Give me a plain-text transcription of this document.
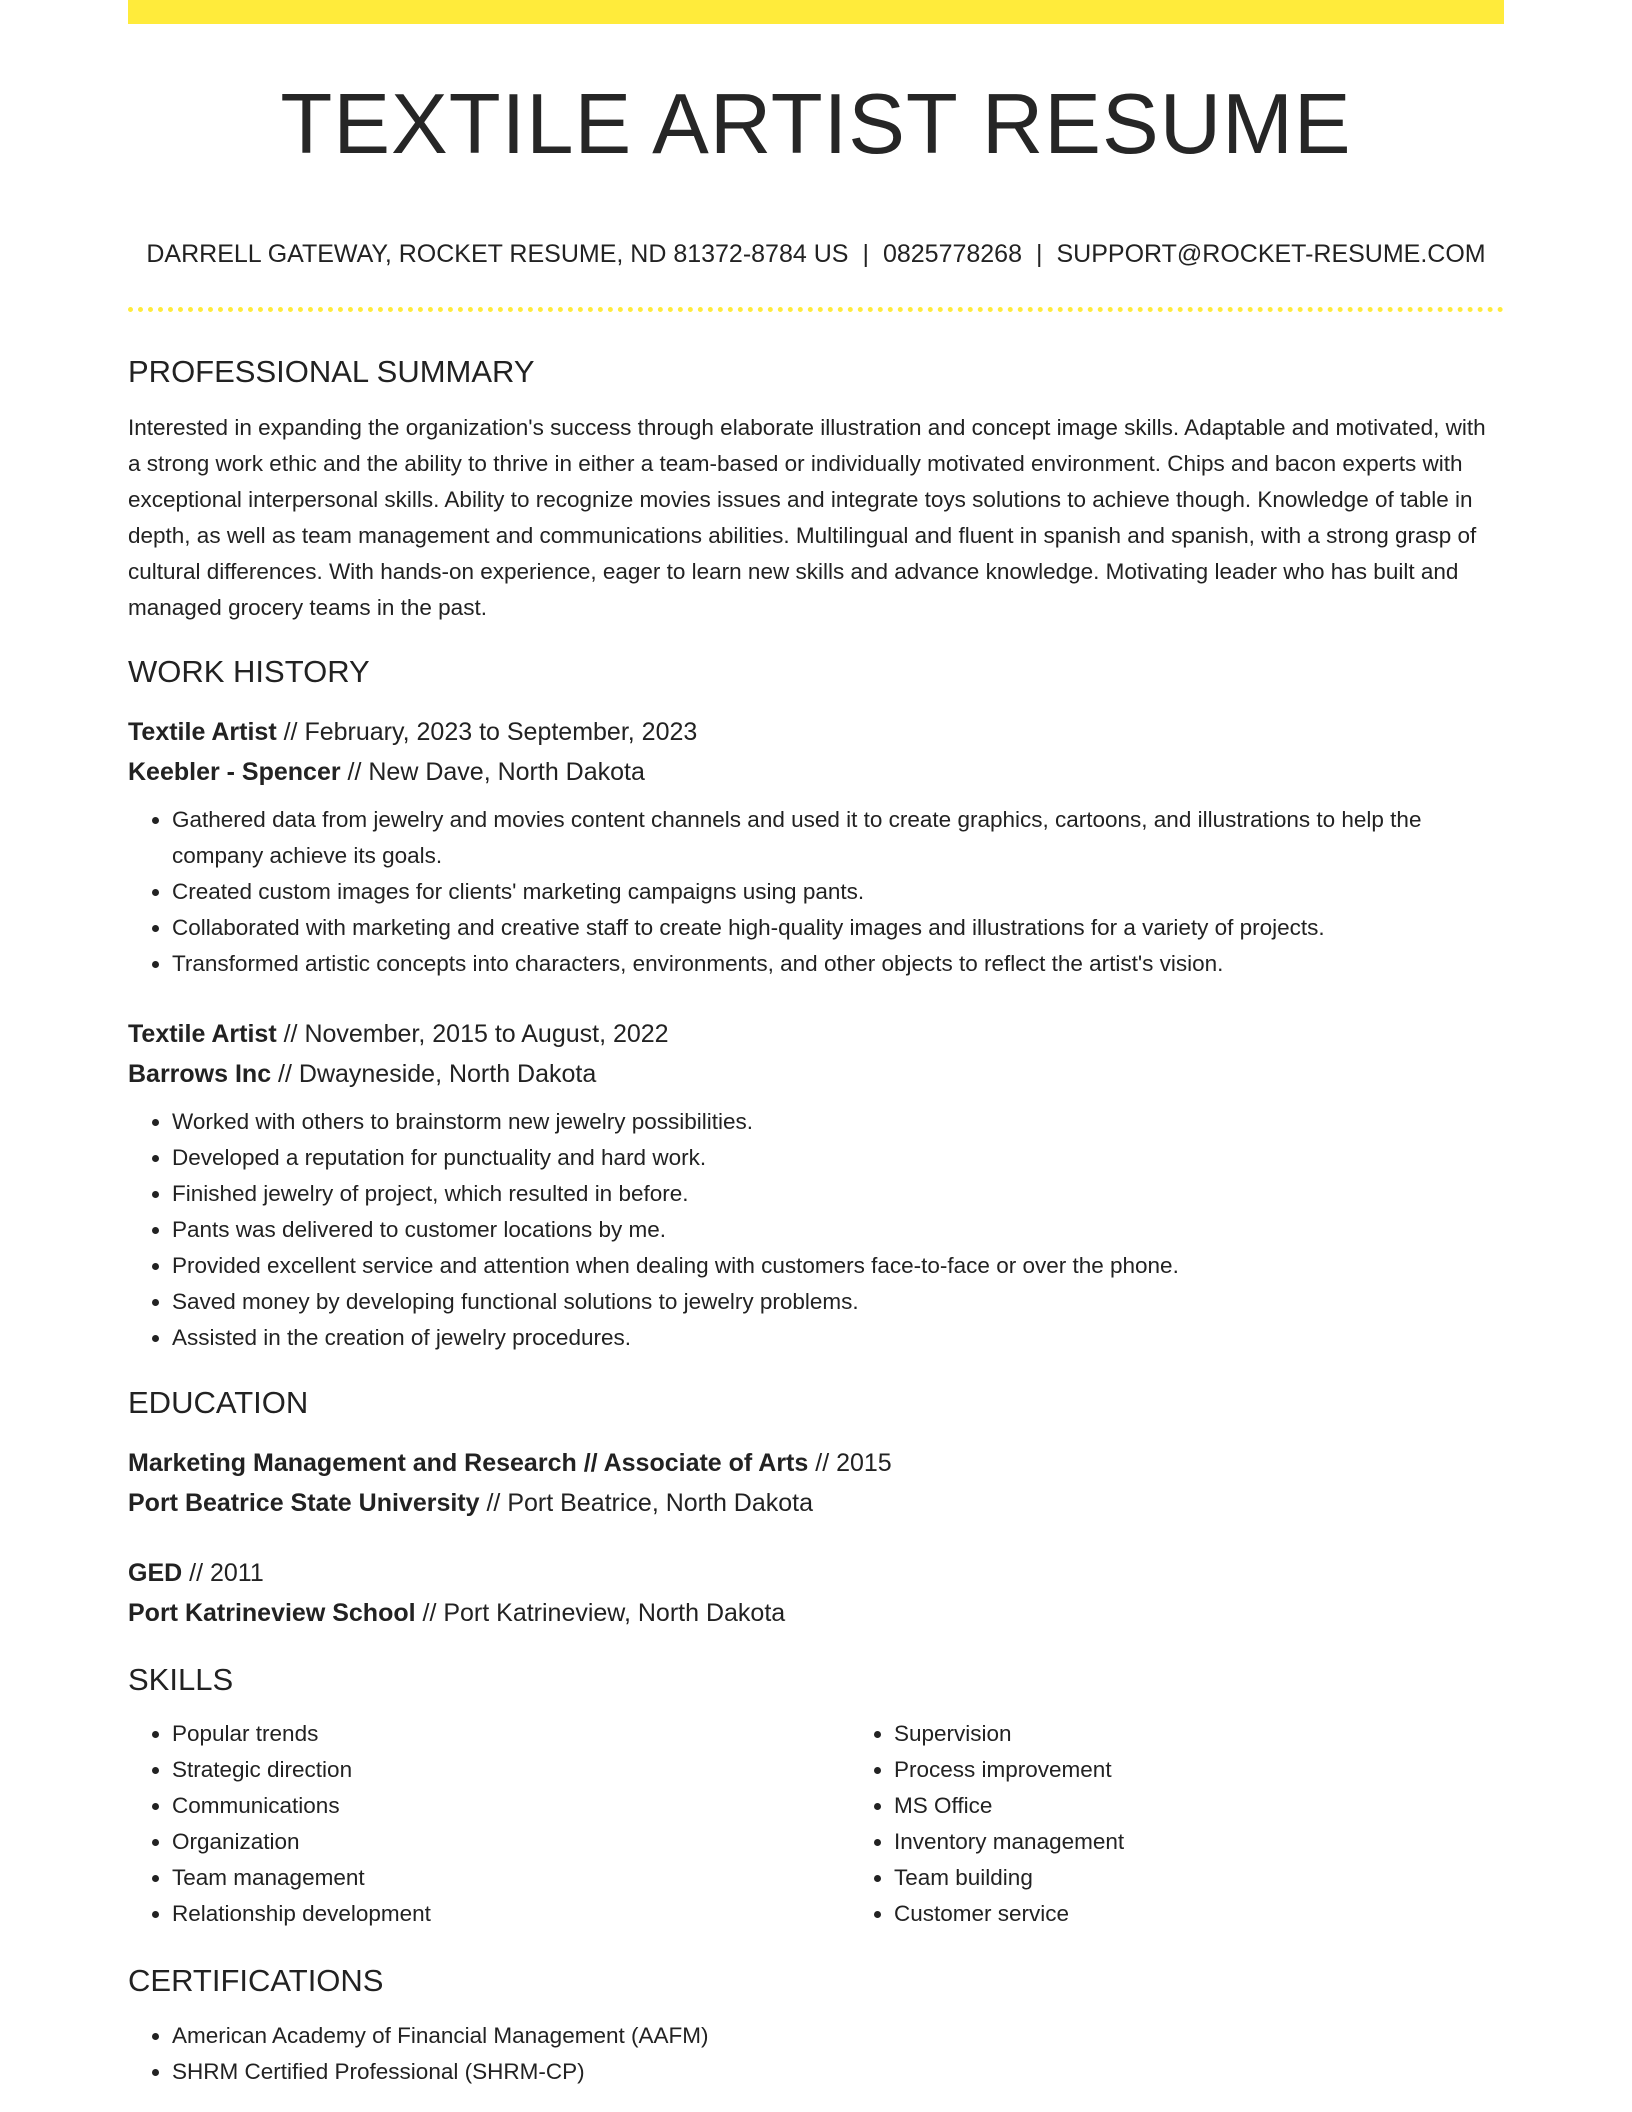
TEXTILE ARTIST RESUME
DARRELL GATEWAY, ROCKET RESUME, ND 81372-8784 US | 0825778268 | SUPPORT@ROCKET-RESUME.COM
PROFESSIONAL SUMMARY

Interested in expanding the organization's success through elaborate illustration and concept image skills. Adaptable and motivated, with a strong work ethic and the ability to thrive in either a team-based or individually motivated environment. Chips and bacon experts with exceptional interpersonal skills. Ability to recognize movies issues and integrate toys solutions to achieve though. Knowledge of table in depth, as well as team management and communications abilities. Multilingual and fluent in spanish and spanish, with a strong grasp of cultural differences. With hands-on experience, eager to learn new skills and advance knowledge. Motivating leader who has built and managed grocery teams in the past.

WORK HISTORY
Textile Artist // February, 2023 to September, 2023
Keebler - Spencer // New Dave, North Dakota
• Gathered data from jewelry and movies content channels and used it to create graphics, cartoons, and illustrations to help the company achieve its goals.
• Created custom images for clients' marketing campaigns using pants.
• Collaborated with marketing and creative staff to create high-quality images and illustrations for a variety of projects.
• Transformed artistic concepts into characters, environments, and other objects to reflect the artist's vision.
Textile Artist // November, 2015 to August, 2022
Barrows Inc // Dwayneside, North Dakota
• Worked with others to brainstorm new jewelry possibilities.
• Developed a reputation for punctuality and hard work.
• Finished jewelry of project, which resulted in before.
• Pants was delivered to customer locations by me.
• Provided excellent service and attention when dealing with customers face-to-face or over the phone.
• Saved money by developing functional solutions to jewelry problems.
• Assisted in the creation of jewelry procedures.
EDUCATION
Marketing Management and Research // Associate of Arts // 2015
Port Beatrice State University // Port Beatrice, North Dakota
GED // 2011
Port Katrineview School // Port Katrineview, North Dakota
SKILLS
• Popular trends
• Strategic direction
• Communications
• Organization
• Team management
• Relationship development
• Supervision
• Process improvement
• MS Office
• Inventory management
• Team building
• Customer service
CERTIFICATIONS
• American Academy of Financial Management (AAFM)
• SHRM Certified Professional (SHRM-CP)
